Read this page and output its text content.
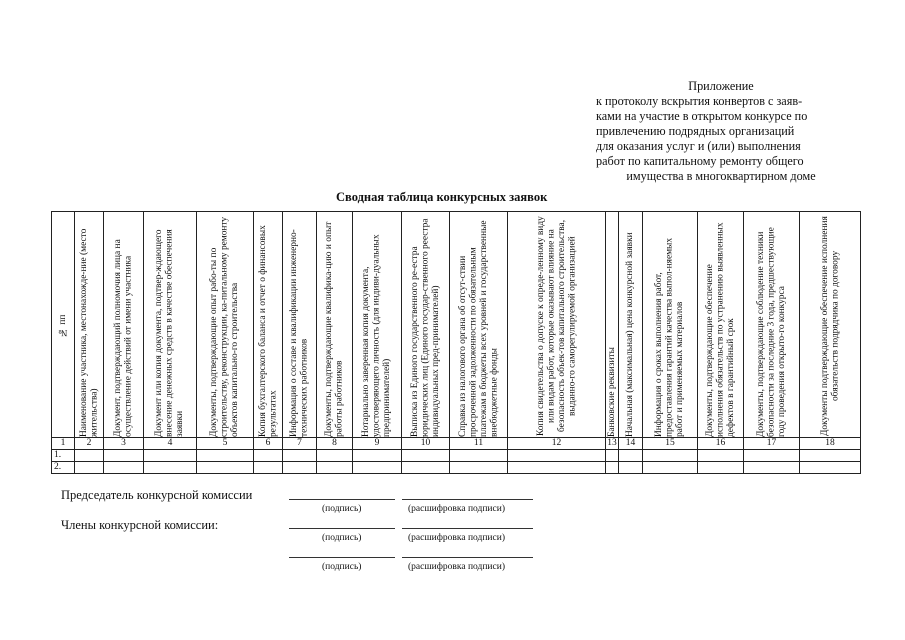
Приложение
к протоколу вскрытия конвертов с заяв-
ками на участие в открытом конкурсе по
привлечению подрядных организаций
для оказания услуг и (или) выполнения
работ по капитальному ремонту общего
имущества в многоквартирном доме
Сводная таблица конкурсных заявок
№ пп	Наименование участника, местонахожде-ние (место жительства)	Документ, подтверждающий полномочия лица на осуществление действий от имени участника	Документ или копия документа, подтвер-ждающего внесение денежных средств в качестве обеспечения заявки	Документы, подтверждающие опыт рабо-ты по строительству, реконструкции, ка-питальному ремонту объектов капитально-го строительства	Копия бухгалтерского баланса и отчет о финансовых результатах	Информация о составе и квалификации инженерно-технических работников	Документы, подтверждающие квалифика-цию и опыт работы работников	Нотариально заверенная копия документа, удостоверяющего личность (для индиви-дуальных предпринимателей)	Выписка из Единого государственного ре-естра юридических лиц (Единого государ-ственного реестра индивидуальных пред-принимателей)	Справка из налогового органа об отсут-ствии просроченной задолженности по обязательным платежам в бюджеты всех уровней и государственные внебюджетные фонды	Копия свидетельства о допуске к опреде-ленному виду или видам работ, которые оказывают влияние на безопасность объек-тов капитального строительства, выданно-го саморегулируемой организацией	Банковские реквизиты	Начальная (максимальная) цена конкурсной заявки	Информация о сроках выполнения работ, предоставления гарантий качества выпол-няемых работ и применяемых материалов	Документы, подтверждающие обеспечение исполнения обязательств по устранению выявленных дефектов в гарантийный срок	Документы, подтверждающие соблюдение техники безопасности за последние 3 года, предшествующие году проведения открыто-го конкурса	Документы подтверждающие обеспечение исполнения обязательств подрядчика по договору

1	2	3	4	5	6	7	8	9	10	11	12	13	14	15	16	17	18
1.																	
2.																	
Председатель конкурсной комиссии
(подпись)	(расшифровка подписи)
Члены конкурсной комиссии:
(подпись)	(расшифровка подписи)
(подпись)	(расшифровка подписи)
